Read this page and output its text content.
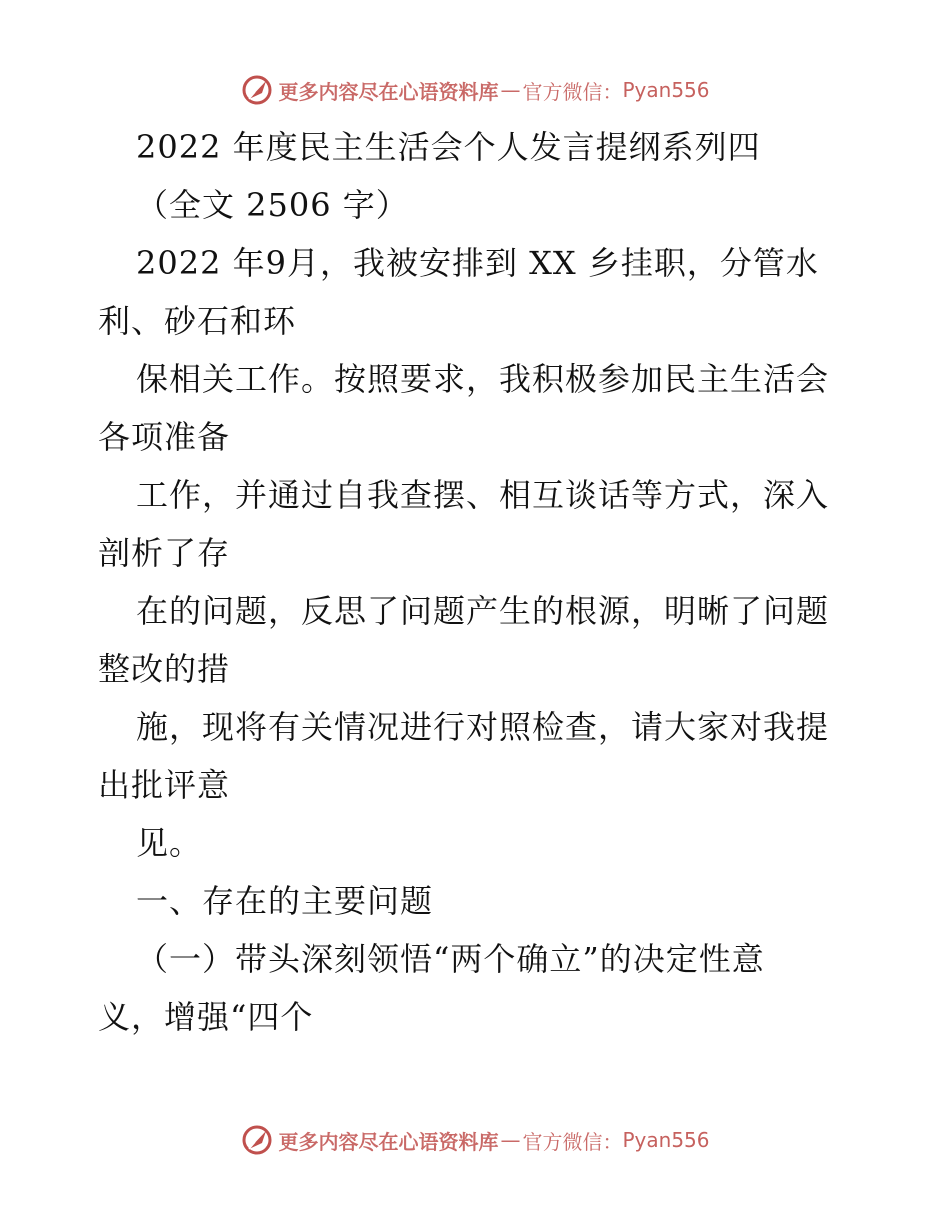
更多内容尽在心语资料库 — 官方微信： Pyan556
2022 年度民主生活会个人发言提纲系列四
（全文 2506 字）
2022 年9月，我被安排到 XX 乡挂职，分管水
利、砂石和环
保相关工作。按照要求，我积极参加民主生活会
各项准备
工作，并通过自我查摆、相互谈话等方式，深入
剖析了存
在的问题，反思了问题产生的根源，明晰了问题
整改的措
施，现将有关情况进行对照检查，请大家对我提
出批评意
见。
一、存在的主要问题
（一）带头深刻领悟“两个确立”的决定性意
义，增强“四个
更多内容尽在心语资料库 — 官方微信： Pyan556
